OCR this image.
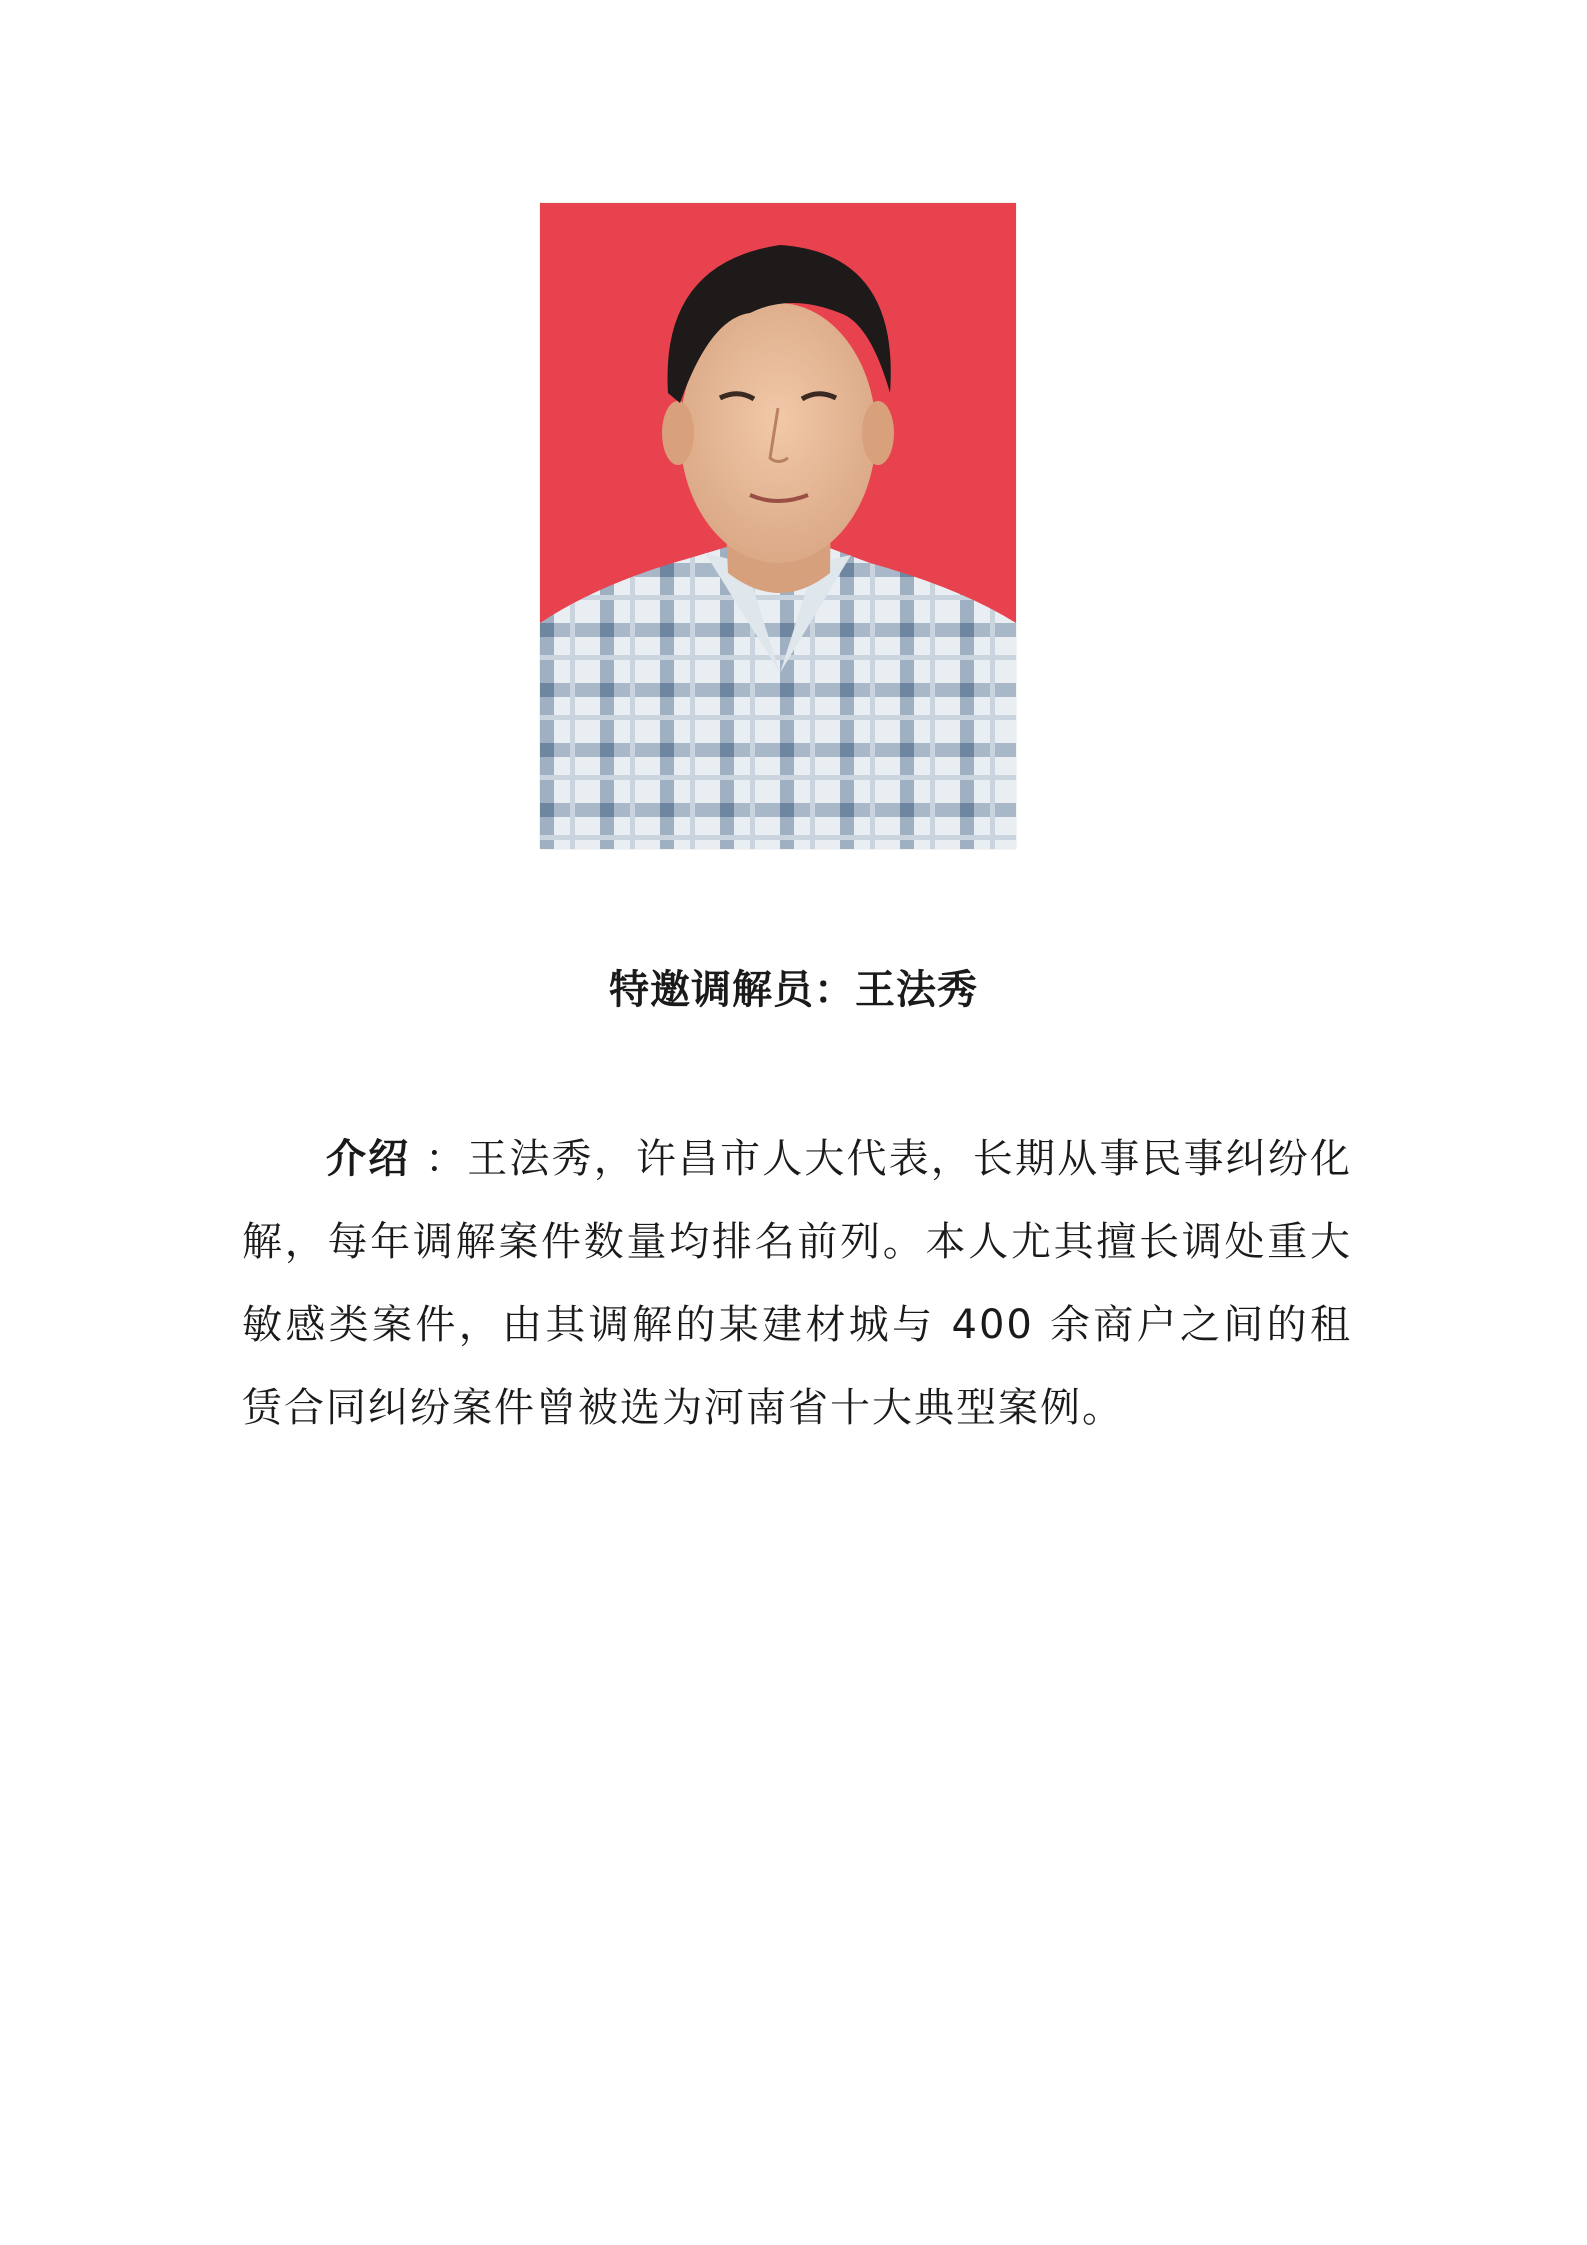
特邀调解员：王法秀
介绍 ：王法秀，许昌市人大代表，长期从事民事纠纷化解，每年调解案件数量均排名前列。本人尤其擅长调处重大敏感类案件，由其调解的某建材城与 400 余商户之间的租赁合同纠纷案件曾被选为河南省十大典型案例。
